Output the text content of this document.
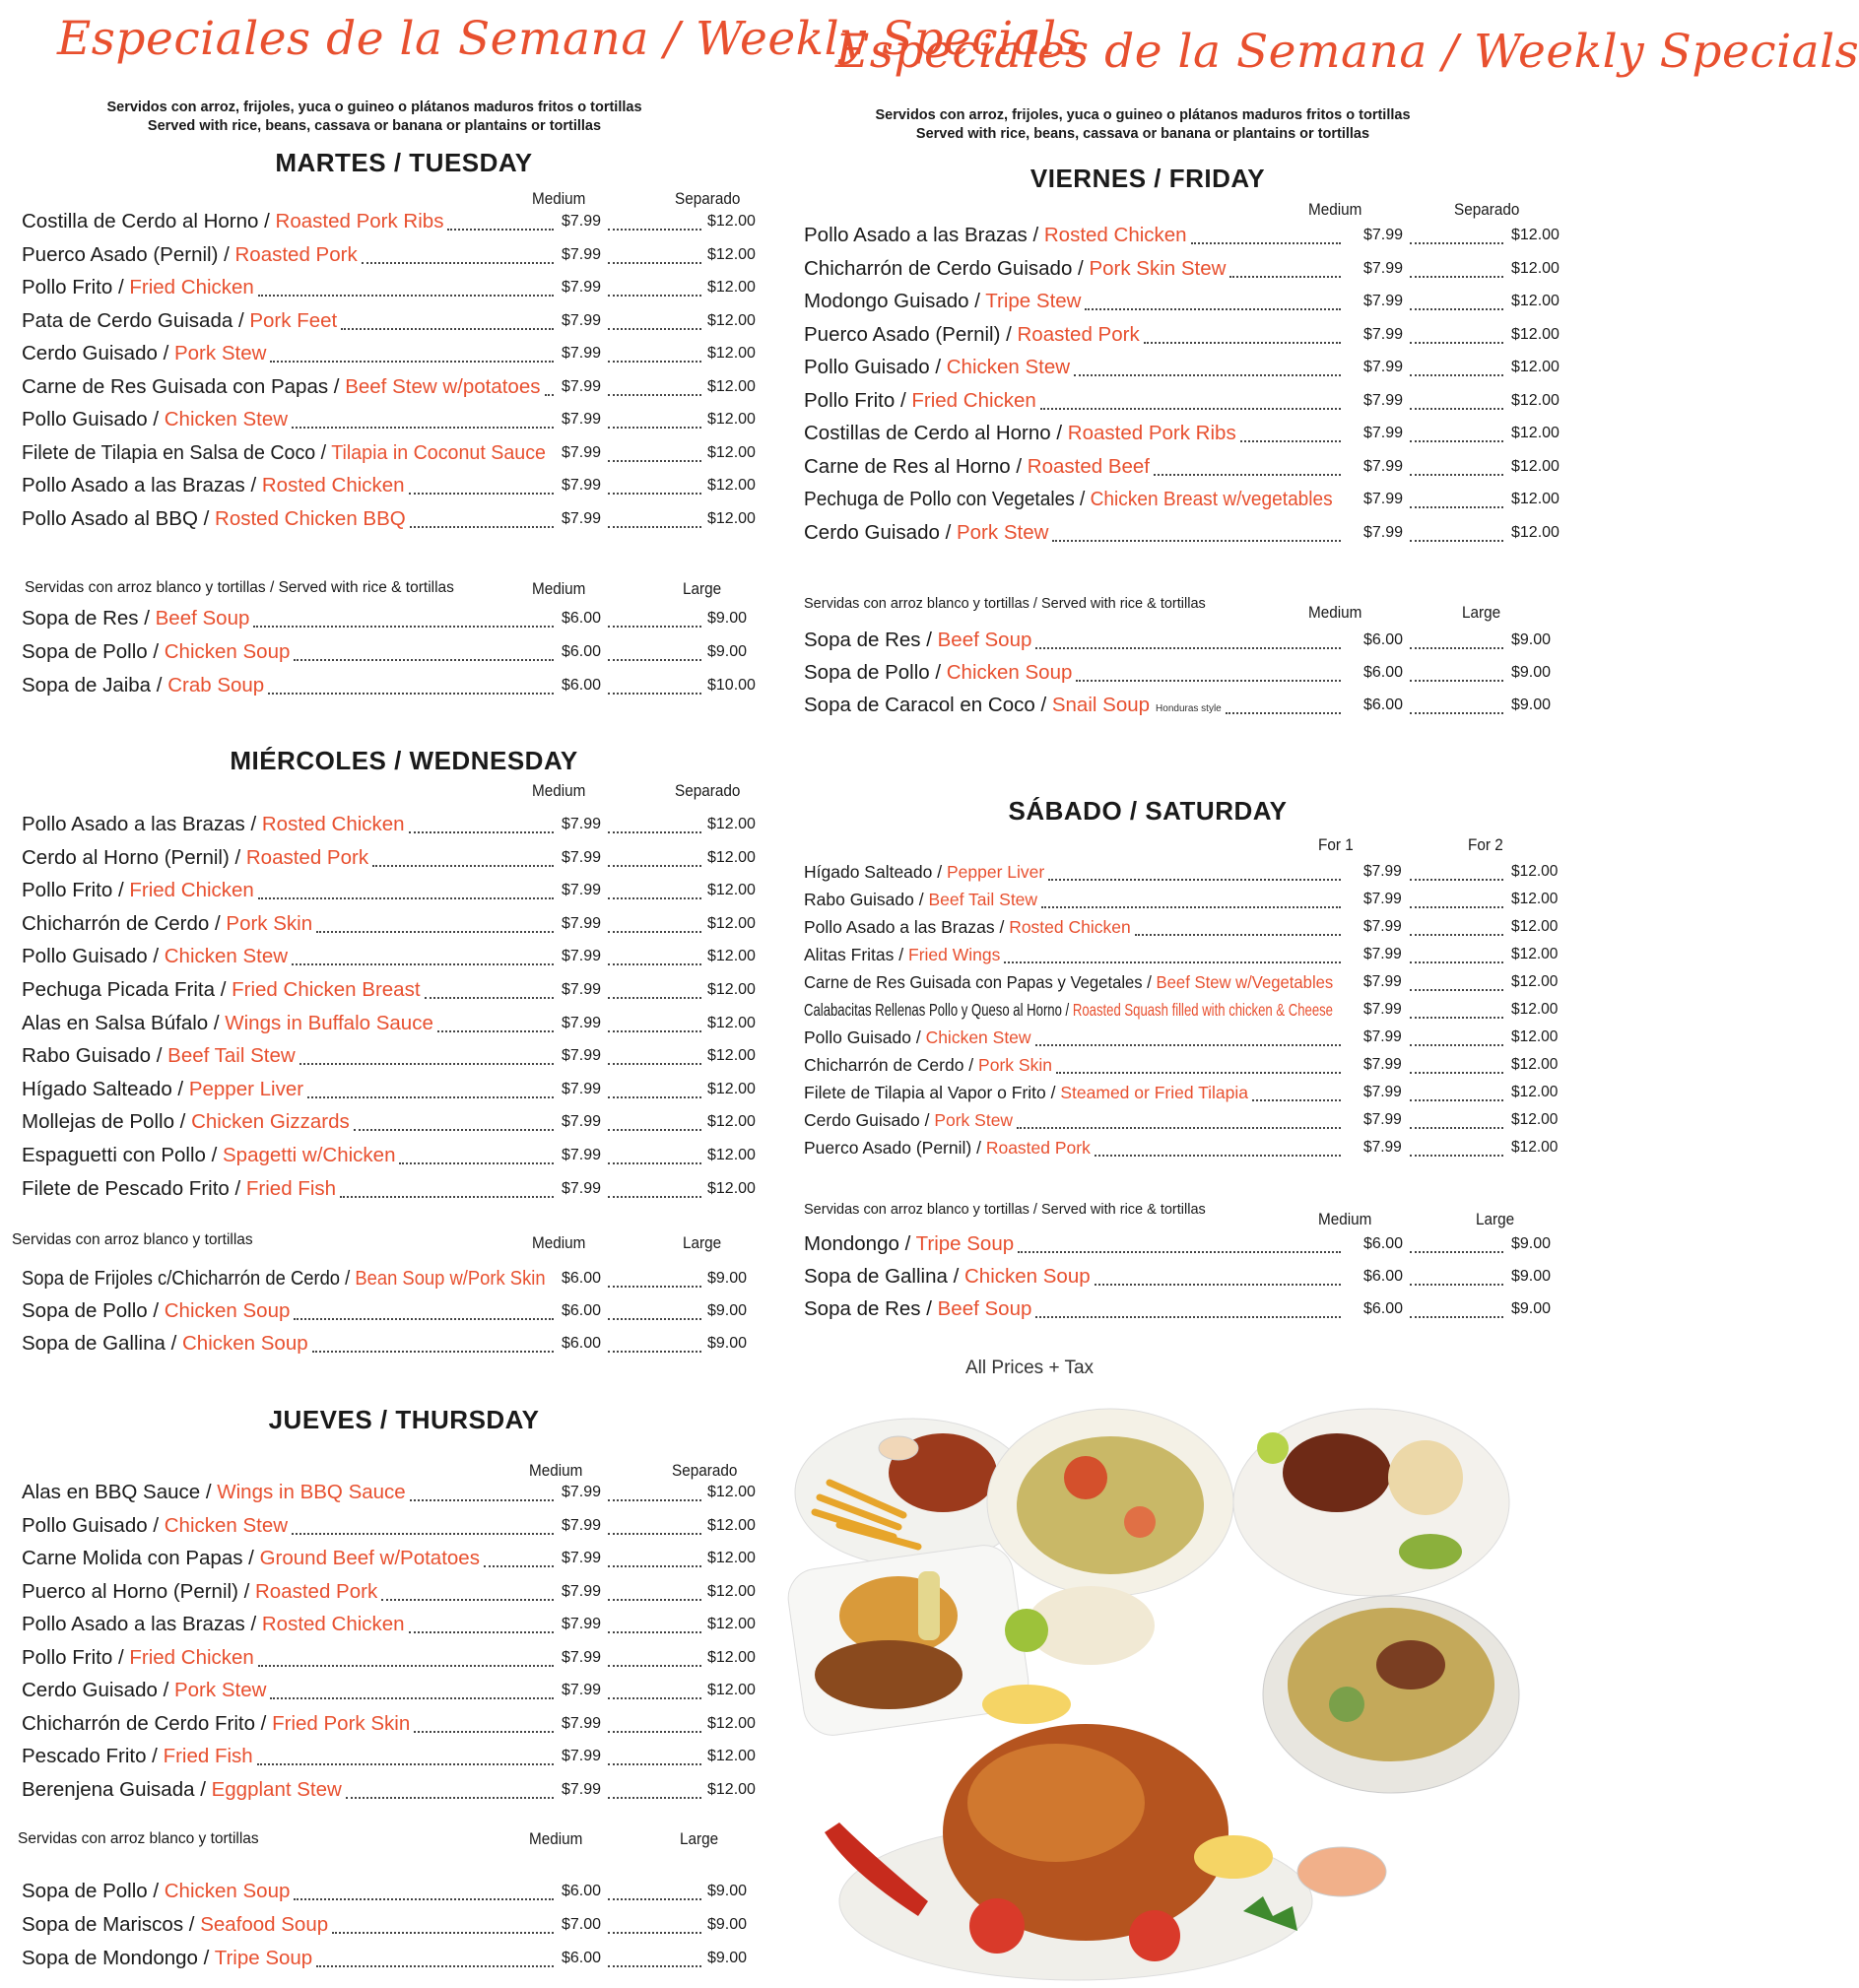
Especiales de la Semana / Weekly Specials
Servidos con arroz, frijoles, yuca o guineo o plátanos maduros fritos o tortillas
Served with rice, beans, cassava or banana or plantains or tortillas
MARTES / TUESDAY
Medium	Separado
Costilla de Cerdo al Horno / Roasted Pork Ribs	$7.99	$12.00
Puerco Asado (Pernil) / Roasted Pork	$7.99	$12.00
Pollo Frito / Fried Chicken	$7.99	$12.00
Pata de Cerdo Guisada / Pork Feet	$7.99	$12.00
Cerdo Guisado / Pork Stew	$7.99	$12.00
Carne de Res Guisada con Papas / Beef Stew w/potatoes $7.99	$12.00
Pollo Guisado / Chicken Stew	$7.99	$12.00
Filete de Tilapia en Salsa de Coco / Tilapia in Coconut Sauce $7.99	$12.00
Pollo Asado a las Brazas / Rosted Chicken	$7.99	$12.00
Pollo Asado al BBQ / Rosted Chicken BBQ	$7.99	$12.00
Servidas con arroz blanco y tortillas / Served with rice & tortillas	Medium	Large
Sopa de Res / Beef Soup	$6.00	$9.00
Sopa de Pollo / Chicken Soup	$6.00	$9.00
Sopa de Jaiba / Crab Soup	$6.00	$10.00
MIÉRCOLES / WEDNESDAY
Medium	Separado
Pollo Asado a las Brazas / Rosted Chicken	$7.99	$12.00
Cerdo al Horno (Pernil) / Roasted Pork	$7.99	$12.00
Pollo Frito / Fried Chicken	$7.99	$12.00
Chicharrón de Cerdo / Pork Skin	$7.99	$12.00
Pollo Guisado / Chicken Stew	$7.99	$12.00
Pechuga Picada Frita / Fried Chicken Breast	$7.99	$12.00
Alas en Salsa Búfalo / Wings in Buffalo Sauce	$7.99	$12.00
Rabo Guisado / Beef Tail Stew	$7.99	$12.00
Hígado Salteado / Pepper Liver	$7.99	$12.00
Mollejas de Pollo / Chicken Gizzards	$7.99	$12.00
Espaguetti con Pollo / Spagetti w/Chicken	$7.99	$12.00
Filete de Pescado Frito / Fried Fish	$7.99	$12.00
Servidas con arroz blanco y tortillas	Medium	Large
Sopa de Frijoles c/Chicharrón de Cerdo / Bean Soup w/Pork Skin $6.00	$9.00
Sopa de Pollo / Chicken Soup	$6.00	$9.00
Sopa de Gallina / Chicken Soup	$6.00	$9.00
JUEVES / THURSDAY
Medium	Separado
Alas en BBQ Sauce / Wings in BBQ Sauce	$7.99	$12.00
Pollo Guisado / Chicken Stew	$7.99	$12.00
Carne Molida con Papas / Ground Beef w/Potatoes	$7.99	$12.00
Puerco al Horno (Pernil) / Roasted Pork	$7.99	$12.00
Pollo Asado a las Brazas / Rosted Chicken	$7.99	$12.00
Pollo Frito / Fried Chicken	$7.99	$12.00
Cerdo Guisado / Pork Stew	$7.99	$12.00
Chicharrón de Cerdo Frito / Fried Pork Skin	$7.99	$12.00
Pescado Frito / Fried Fish	$7.99	$12.00
Berenjena Guisada / Eggplant Stew	$7.99	$12.00
Servidas con arroz blanco y tortillas	Medium	Large
Sopa de Pollo / Chicken Soup	$6.00	$9.00
Sopa de Mariscos / Seafood Soup	$7.00	$9.00
Sopa de Mondongo / Tripe Soup	$6.00	$9.00
Especiales de la Semana / Weekly Specials
Servidos con arroz, frijoles, yuca o guineo o plátanos maduros fritos o tortillas
Served with rice, beans, cassava or banana or plantains or tortillas
VIERNES / FRIDAY
Medium	Separado
Pollo Asado a las Brazas / Rosted Chicken	$7.99	$12.00
Chicharrón de Cerdo Guisado / Pork Skin Stew	$7.99	$12.00
Modongo Guisado / Tripe Stew	$7.99	$12.00
Puerco Asado (Pernil) / Roasted Pork	$7.99	$12.00
Pollo Guisado / Chicken Stew	$7.99	$12.00
Pollo Frito / Fried Chicken	$7.99	$12.00
Costillas de Cerdo al Horno / Roasted Pork Ribs	$7.99	$12.00
Carne de Res al Horno / Roasted Beef	$7.99	$12.00
Pechuga de Pollo con Vegetales / Chicken Breast w/vegetables $7.99	$12.00
Cerdo Guisado / Pork Stew	$7.99	$12.00
Servidas con arroz blanco y tortillas / Served with rice & tortillas	Medium	Large
Sopa de Res / Beef Soup	$6.00	$9.00
Sopa de Pollo / Chicken Soup	$6.00	$9.00
Sopa de Caracol en Coco / Snail Soup Honduras style	$6.00	$9.00
SÁBADO / SATURDAY
For 1	For 2
Hígado Salteado / Pepper Liver	$7.99	$12.00
Rabo Guisado / Beef Tail Stew	$7.99	$12.00
Pollo Asado a las Brazas / Rosted Chicken	$7.99	$12.00
Alitas Fritas / Fried Wings	$7.99	$12.00
Carne de Res Guisada con Papas y Vegetales / Beef Stew w/Vegetables $7.99	$12.00
Calabacitas Rellenas Pollo y Queso al Horno / Roasted Squash filled with chicken & Cheese $7.99	$12.00
Pollo Guisado / Chicken Stew	$7.99	$12.00
Chicharrón de Cerdo / Pork Skin	$7.99	$12.00
Filete de Tilapia al Vapor o Frito / Steamed or Fried Tilapia	$7.99	$12.00
Cerdo Guisado / Pork Stew	$7.99	$12.00
Puerco Asado (Pernil) / Roasted Pork	$7.99	$12.00
Servidas con arroz blanco y tortillas / Served with rice & tortillas	Medium	Large
Mondongo / Tripe Soup	$6.00	$9.00
Sopa de Gallina / Chicken Soup	$6.00	$9.00
Sopa de Res / Beef Soup	$6.00	$9.00
All Prices + Tax
